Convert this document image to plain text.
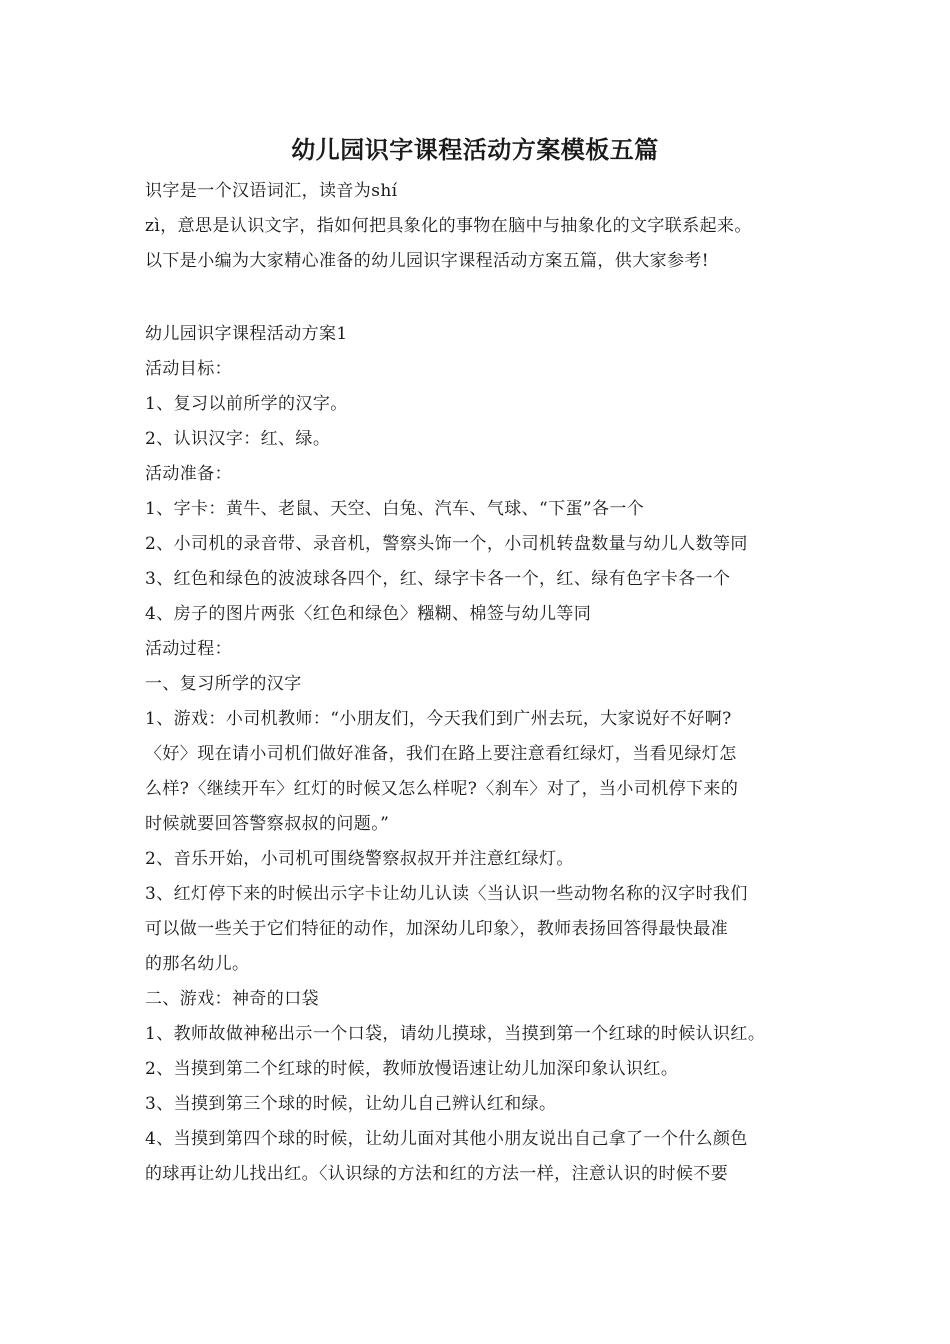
幼儿园识字课程活动方案模板五篇
识字是一个汉语词汇，读音为shí
zì，意思是认识文字，指如何把具象化的事物在脑中与抽象化的文字联系起来。
以下是小编为大家精心准备的幼儿园识字课程活动方案五篇，供大家参考!
幼儿园识字课程活动方案1
活动目标：
1、复习以前所学的汉字。
2、认识汉字：红、绿。
活动准备：
1、字卡：黄牛、老鼠、天空、白兔、汽车、气球、“下蛋”各一个
2、小司机的录音带、录音机，警察头饰一个，小司机转盘数量与幼儿人数等同
3、红色和绿色的波波球各四个，红、绿字卡各一个，红、绿有色字卡各一个
4、房子的图片两张〈红色和绿色〉糨糊、棉签与幼儿等同
活动过程：
一、复习所学的汉字
1、游戏：小司机教师：“小朋友们，今天我们到广州去玩，大家说好不好啊?
〈好〉现在请小司机们做好准备，我们在路上要注意看红绿灯，当看见绿灯怎
么样?〈继续开车〉红灯的时候又怎么样呢?〈刹车〉对了，当小司机停下来的
时候就要回答警察叔叔的问题。”
2、音乐开始，小司机可围绕警察叔叔开并注意红绿灯。
3、红灯停下来的时候出示字卡让幼儿认读〈当认识一些动物名称的汉字时我们
可以做一些关于它们特征的动作，加深幼儿印象〉，教师表扬回答得最快最准
的那名幼儿。
二、游戏：神奇的口袋
1、教师故做神秘出示一个口袋，请幼儿摸球，当摸到第一个红球的时候认识红。
2、当摸到第二个红球的时候，教师放慢语速让幼儿加深印象认识红。
3、当摸到第三个球的时候，让幼儿自己辨认红和绿。
4、当摸到第四个球的时候，让幼儿面对其他小朋友说出自己拿了一个什么颜色
的球再让幼儿找出红。〈认识绿的方法和红的方法一样，注意认识的时候不要
